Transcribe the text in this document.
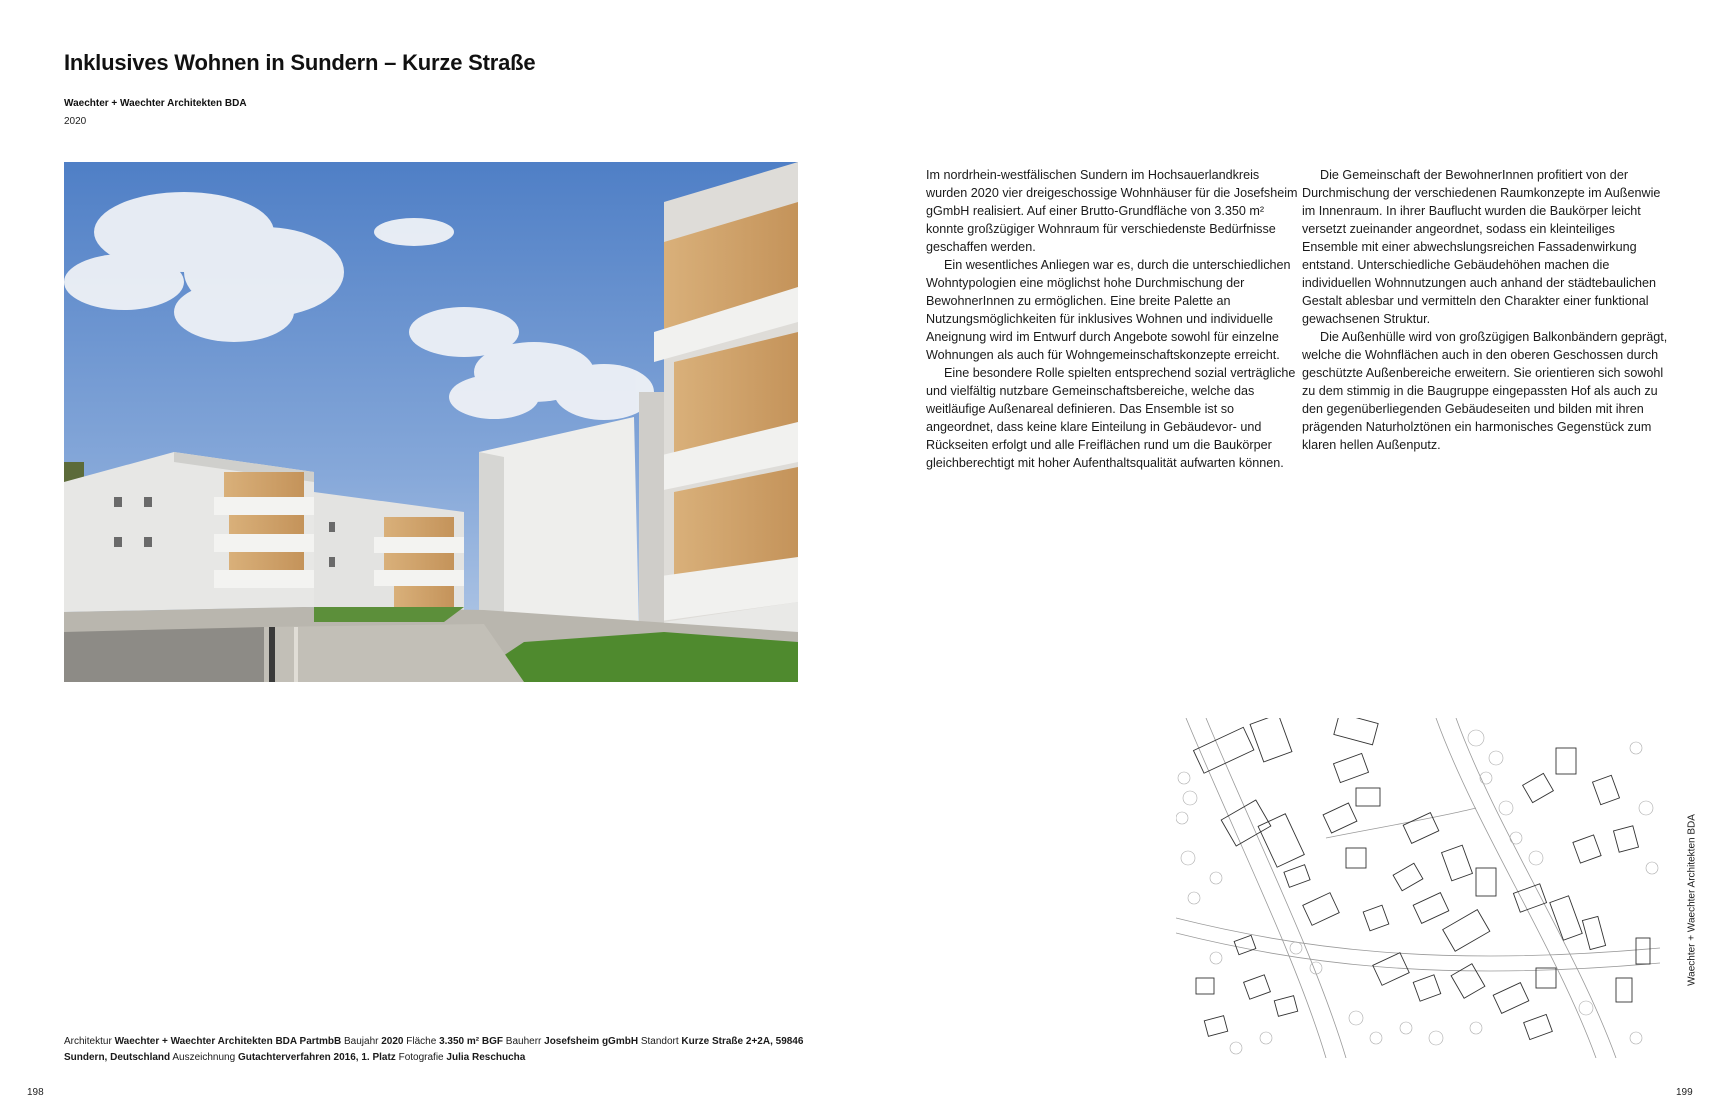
Inklusives Wohnen in Sundern – Kurze Straße
Waechter + Waechter Architekten BDA
2020
Architektur Waechter + Waechter Architekten BDA PartmbB Baujahr 2020 Fläche 3.350 m² BGF Bauherr Josefsheim gGmbH Standort Kurze Straße 2+2A, 59846 Sundern, Deutschland Auszeichnung Gutachterverfahren 2016, 1. Platz Fotografie Julia Reschucha
198

Im nordrhein-westfälischen Sundern im Hochsauerlandkreis wurden 2020 vier dreigeschossige Wohnhäuser für die Josefsheim gGmbH realisiert. Auf einer Brutto-Grundfläche von 3.350 m² konnte großzügiger Wohnraum für verschiedenste Bedürfnisse geschaffen werden.

Ein wesentliches Anliegen war es, durch die unterschiedlichen Wohntypologien eine möglichst hohe Durchmischung der BewohnerInnen zu ermöglichen. Eine breite Palette an Nutzungsmöglichkeiten für inklusives Wohnen und individuelle Aneignung wird im Entwurf durch Angebote sowohl für einzelne Wohnungen als auch für Wohngemeinschaftskonzepte erreicht.

Eine besondere Rolle spielten entsprechend sozial verträgliche und vielfältig nutzbare Gemeinschaftsbereiche, welche das weitläufige Außenareal definieren. Das Ensemble ist so angeordnet, dass keine klare Einteilung in Gebäudevor- und Rückseiten erfolgt und alle Freiflächen rund um die Baukörper gleichberechtigt mit hoher Aufenthaltsqualität aufwarten können.

Die Gemeinschaft der BewohnerInnen profitiert von der Durchmischung der verschiedenen Raumkonzepte im Außenwie im Innenraum. In ihrer Bauflucht wurden die Baukörper leicht versetzt zueinander angeordnet, sodass ein kleinteiliges Ensemble mit einer abwechslungsreichen Fassadenwirkung entstand. Unterschiedliche Gebäudehöhen machen die individuellen Wohnnutzungen auch anhand der städtebaulichen Gestalt ablesbar und vermitteln den Charakter einer funktional gewachsenen Struktur.

Die Außenhülle wird von großzügigen Balkonbändern geprägt, welche die Wohnflächen auch in den oberen Geschossen durch geschützte Außenbereiche erweitern. Sie orientieren sich sowohl zu dem stimmig in die Baugruppe eingepassten Hof als auch zu den gegenüberliegenden Gebäudeseiten und bilden mit ihren prägenden Naturholztönen ein harmonisches Gegenstück zum klaren hellen Außenputz.

Waechter + Waechter Architekten BDA
199
